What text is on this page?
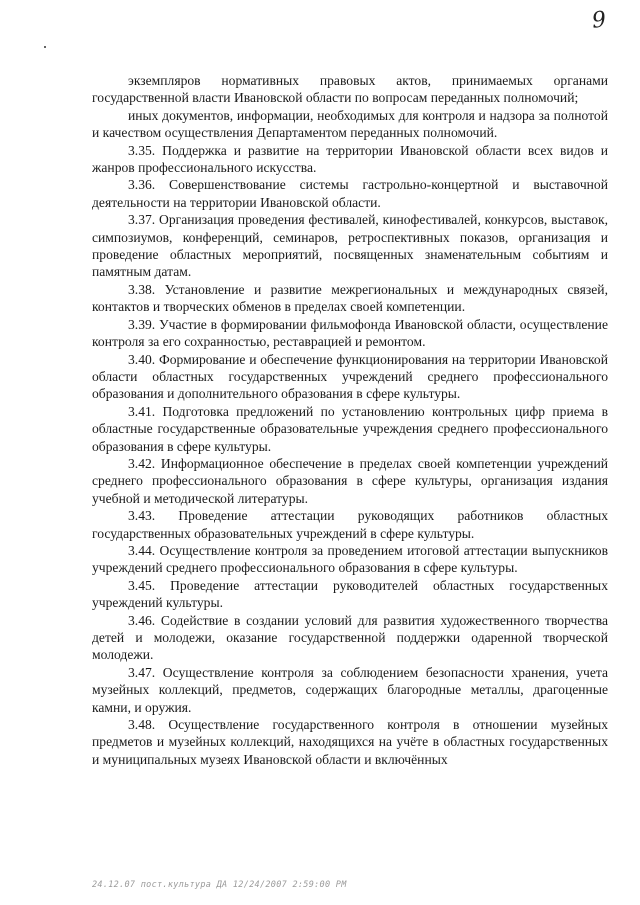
9

экземпляров нормативных правовых актов, принимаемых органами государственной власти Ивановской области по вопросам переданных полномочий;

иных документов, информации, необходимых для контроля и надзора за полнотой и качеством осуществления Департаментом переданных полномочий.

3.35. Поддержка и развитие на территории Ивановской области всех видов и жанров профессионального искусства.

3.36. Совершенствование системы гастрольно-концертной и выставочной деятельности на территории Ивановской области.

3.37. Организация проведения фестивалей, кинофестивалей, конкурсов, выставок, симпозиумов, конференций, семинаров, ретроспективных показов, организация и проведение областных мероприятий, посвященных знаменательным событиям и памятным датам.

3.38. Установление и развитие межрегиональных и международных связей, контактов и творческих обменов в пределах своей компетенции.

3.39. Участие в формировании фильмофонда Ивановской области, осуществление контроля за его сохранностью, реставрацией и ремонтом.

3.40. Формирование и обеспечение функционирования на территории Ивановской области областных государственных учреждений среднего профессионального образования и дополнительного образования в сфере культуры.

3.41. Подготовка предложений по установлению контрольных цифр приема в областные государственные образовательные учреждения среднего профессионального образования в сфере культуры.

3.42. Информационное обеспечение в пределах своей компетенции учреждений среднего профессионального образования в сфере культуры, организация издания учебной и методической литературы.

3.43. Проведение аттестации руководящих работников областных государственных образовательных учреждений в сфере культуры.

3.44. Осуществление контроля за проведением итоговой аттестации выпускников учреждений среднего профессионального образования в сфере культуры.

3.45. Проведение аттестации руководителей областных государственных учреждений культуры.

3.46. Содействие в создании условий для развития художественного творчества детей и молодежи, оказание государственной поддержки одаренной творческой молодежи.

3.47. Осуществление контроля за соблюдением безопасности хранения, учета музейных коллекций, предметов, содержащих благородные металлы, драгоценные камни, и оружия.

3.48. Осуществление государственного контроля в отношении музейных предметов и музейных коллекций, находящихся на учёте в областных государственных и муниципальных музеях Ивановской области и включённых

24.12.07 пост.культура ДА 12/24/2007 2:59:00 РМ
